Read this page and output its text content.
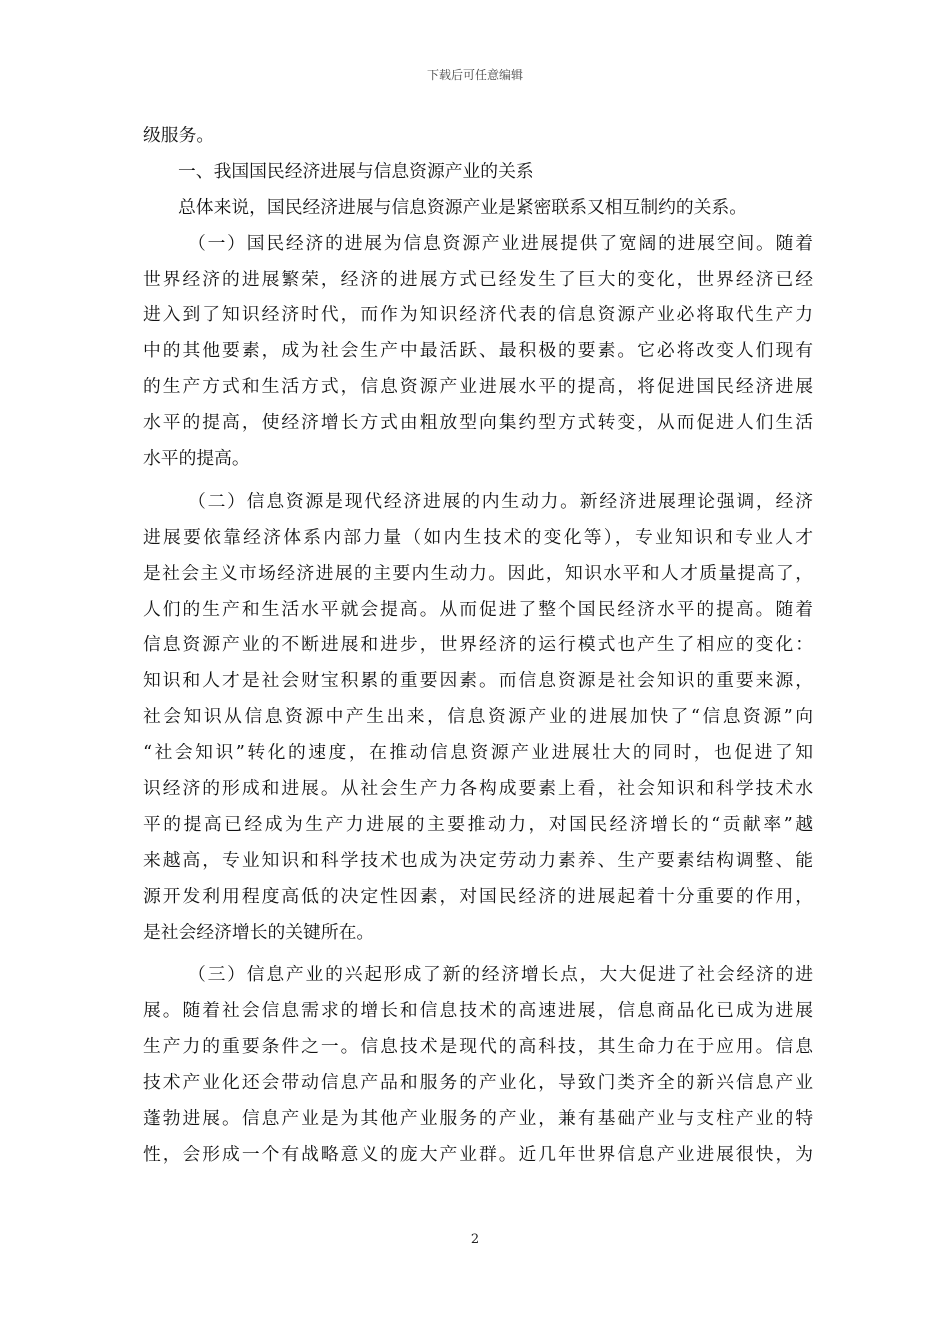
下载后可任意编辑
级服务。
一、我国国民经济进展与信息资源产业的关系
总体来说，国民经济进展与信息资源产业是紧密联系又相互制约的关系。
（一）国民经济的进展为信息资源产业进展提供了宽阔的进展空间。随着
世界经济的进展繁荣，经济的进展方式已经发生了巨大的变化，世界经济已经
进入到了知识经济时代，而作为知识经济代表的信息资源产业必将取代生产力
中的其他要素，成为社会生产中最活跃、最积极的要素。它必将改变人们现有
的生产方式和生活方式，信息资源产业进展水平的提高，将促进国民经济进展
水平的提高，使经济增长方式由粗放型向集约型方式转变，从而促进人们生活
水平的提高。
（二）信息资源是现代经济进展的内生动力。新经济进展理论强调，经济
进展要依靠经济体系内部力量（如内生技术的变化等），专业知识和专业人才
是社会主义市场经济进展的主要内生动力。因此，知识水平和人才质量提高了，
人们的生产和生活水平就会提高。从而促进了整个国民经济水平的提高。随着
信息资源产业的不断进展和进步，世界经济的运行模式也产生了相应的变化：
知识和人才是社会财宝积累的重要因素。而信息资源是社会知识的重要来源，
社会知识从信息资源中产生出来，信息资源产业的进展加快了“信息资源”向
“社会知识”转化的速度，在推动信息资源产业进展壮大的同时，也促进了知
识经济的形成和进展。从社会生产力各构成要素上看，社会知识和科学技术水
平的提高已经成为生产力进展的主要推动力，对国民经济增长的“贡献率”越
来越高，专业知识和科学技术也成为决定劳动力素养、生产要素结构调整、能
源开发利用程度高低的决定性因素，对国民经济的进展起着十分重要的作用，
是社会经济增长的关键所在。
（三）信息产业的兴起形成了新的经济增长点，大大促进了社会经济的进
展。随着社会信息需求的增长和信息技术的高速进展，信息商品化已成为进展
生产力的重要条件之一。信息技术是现代的高科技，其生命力在于应用。信息
技术产业化还会带动信息产品和服务的产业化，导致门类齐全的新兴信息产业
蓬勃进展。信息产业是为其他产业服务的产业，兼有基础产业与支柱产业的特
性，会形成一个有战略意义的庞大产业群。近几年世界信息产业进展很快，为
2
